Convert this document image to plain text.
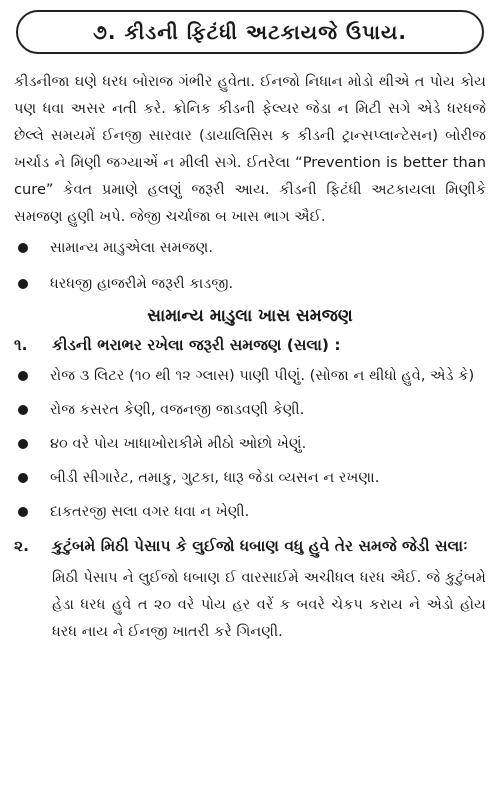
૭. કીડની ફિટંધી અટકાયજે ઉપાય.

કીડનીજા ઘણે ધરધ બોરાજ ગંભીર હુવેતા. ઈનજો નિધાન મોડો થીએ ત પોય કોય પણ ધવા અસર નતી કરે. ક્રોનિક કીડની ફેલ્યર જેડા ન મિટી સગે એડે ધરધજે છેલ્લે સમયમેં ઈનજી સારવાર (ડાયાલિસિસ ક કીડની ટ્રાન્સપ્લાન્ટેસન) બોરીજ ખર્ચાડ ને મિણી જગ્યાએં ન મીલી સગે. ઈતરેલા “Prevention is better than cure” કેવત પ્રમાણે હલણું જરૂરી આય. કીડની ફિટંધી અટકાયલા મિણીકે સમજણ હુણી ખપે. જેજી ચર્ચાજા બ ખાસ ભાગ ઐઈ.

સામાન્ય માડુએલા સમજણ.
ધરધજી હાજરીમે જરૂરી કાડજી.
સામાન્ય માડુલા ખાસ સમજણ
૧.	કીડની ભરાભર રખેલા જરૂરી સમજણ (સલા) :
રોજ ૩ લિટર (૧૦ થી ૧૨ ગ્લાસ) પાણી પીણું. (સોજા ન થીધો હુવે, એડે કે)
રોજ કસરત કેણી, વજનજી જાડવણી કેણી.
૪૦ વરે પોય ખાધાખોરાકીમે મીઠો ઓછો ખેણું.
બીડી સીગારેટ, તમાકુ, ગુટકા, ધારૂ જેડા વ્યસન ન રખણા.
દાકતરજી સલા વગર ધવા ન ખેણી.
૨.	કુટુંબમે મિઠી પેસાપ કે લુઈજો ધબાણ વધુ હુવે તેર સમજે જેડી સલાઃ

મિઠી પેસાપ ને લુઈજો ધબાણ ઈ વારસાઈમે અચીધલ ધરધ ઐઈ. જે કુટુંબમે હેડા ધરધ હુવે ત ૨૦ વરે પોય હર વરેં ક બવરે ચેકપ કરાય ને એડો હોય ધરધ નાય ને ઈનજી ખાતરી કરે ગિનણી.
